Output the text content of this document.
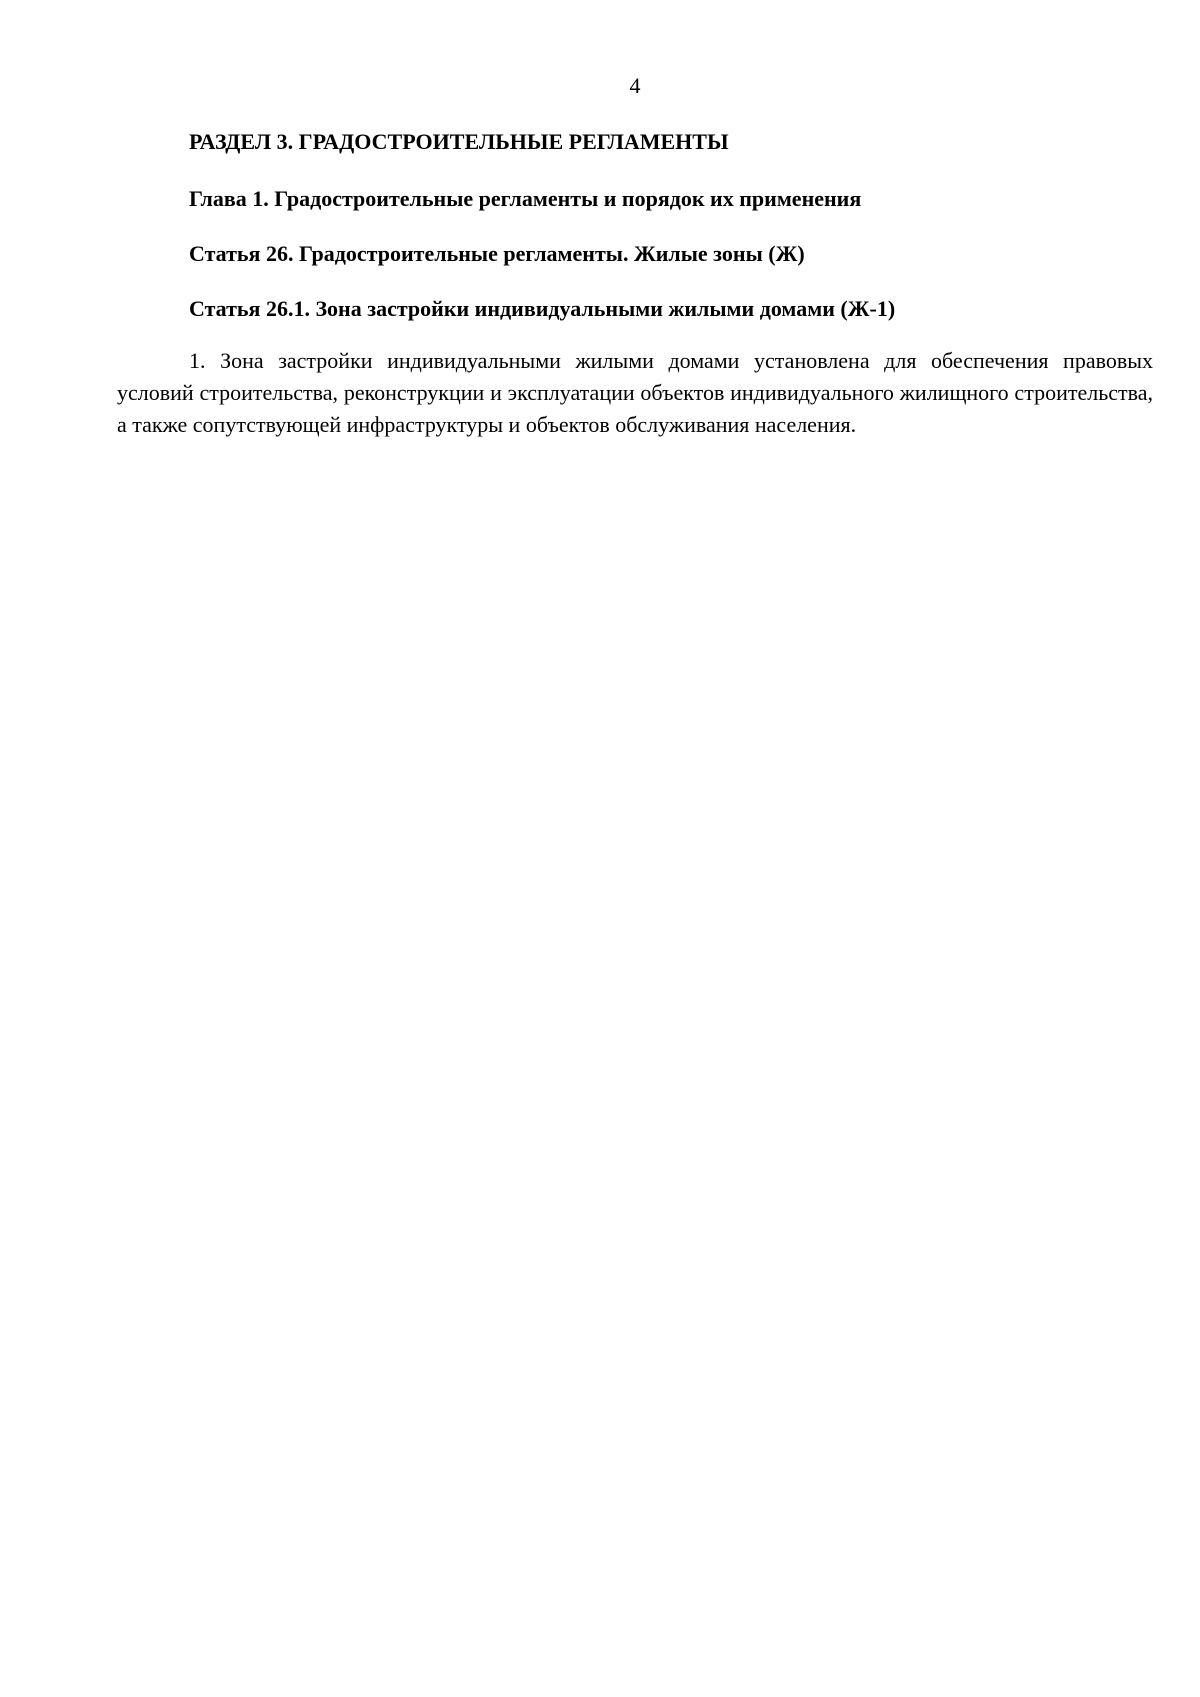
4

РАЗДЕЛ 3. ГРАДОСТРОИТЕЛЬНЫЕ РЕГЛАМЕНТЫ

Глава 1. Градостроительные регламенты и порядок их применения

Статья 26. Градостроительные регламенты. Жилые зоны (Ж)

Статья 26.1. Зона застройки индивидуальными жилыми домами (Ж-1)

1. Зона застройки индивидуальными жилыми домами установлена для обеспечения правовых условий строительства, реконструкции и эксплуатации объектов индивидуального жилищного строительства, а также сопутствующей инфраструктуры и объектов обслуживания населения.
